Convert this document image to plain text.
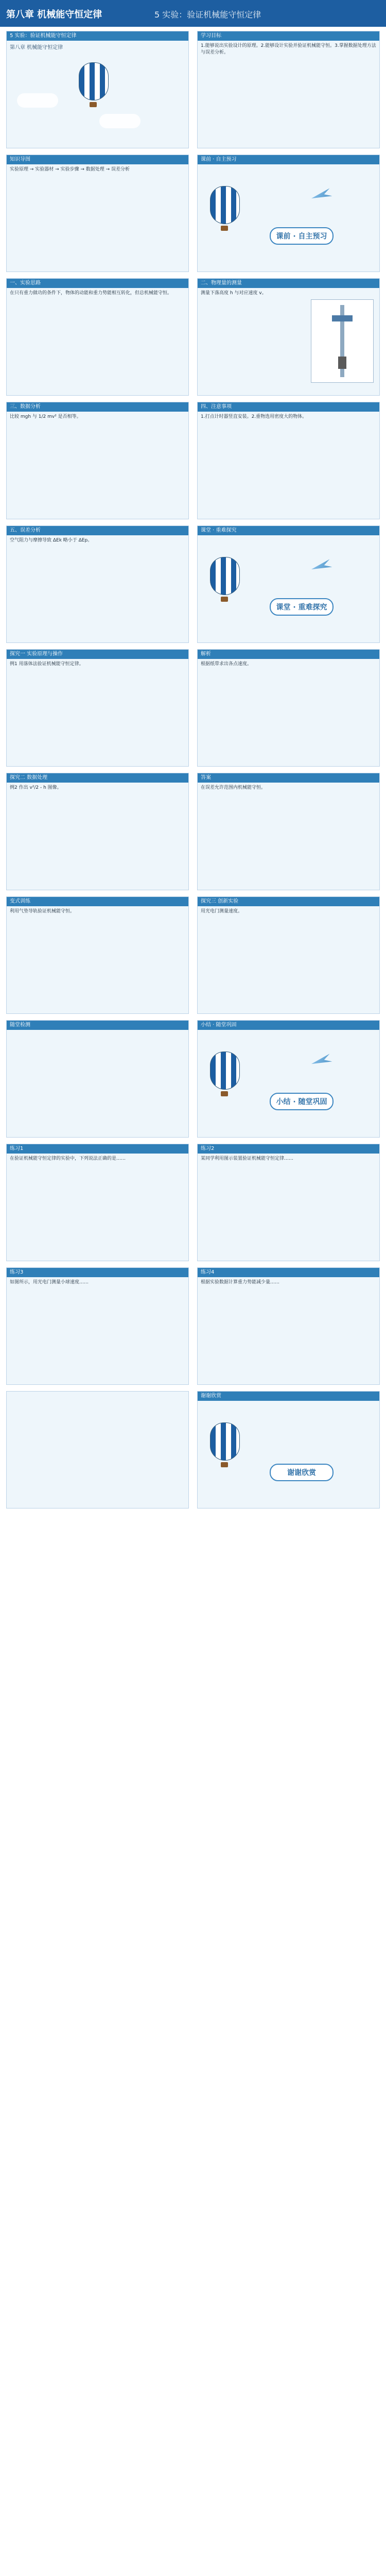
第八章 机械能守恒定律	5 实验：验证机械能守恒定律
5 实验：验证机械能守恒定律
第八章 机械能守恒定律
学习目标
1.能够说出实验设计的原理。2.能够设计实验并验证机械能守恒。3.掌握数据处理方法与误差分析。
知识导图
实验原理 → 实验器材 → 实验步骤 → 数据处理 → 误差分析
课前 · 自主预习
课前 · 自主预习
一、实验思路
在只有重力做功的条件下，物体的动能和重力势能相互转化，但总机械能守恒。
二、物理量的测量
测量下落高度 h 与对应速度 v。
三、数据分析
比较 mgh 与 1/2 mv² 是否相等。
四、注意事项
1.打点计时器竖直安装。2.重物选用密度大的物体。
五、误差分析
空气阻力与摩擦导致 ΔEk 略小于 ΔEp。
课堂 · 重难探究
课堂 · 重难探究
探究一 实验原理与操作
例1 用落体法验证机械能守恒定律。
解析
根据纸带求出各点速度。
探究二 数据处理
例2 作出 v²/2 - h 图像。
答案
在误差允许范围内机械能守恒。
变式训练
利用气垫导轨验证机械能守恒。
探究三 创新实验
用光电门测量速度。
随堂检测	小结 · 随堂巩固
小结 · 随堂巩固
练习1
在验证机械能守恒定律的实验中，下列说法正确的是……
练习2
某同学利用图示装置验证机械能守恒定律……
练习3
如图所示，用光电门测量小球速度……
练习4
根据实验数据计算重力势能减少量……
谢谢欣赏
谢谢欣赏
